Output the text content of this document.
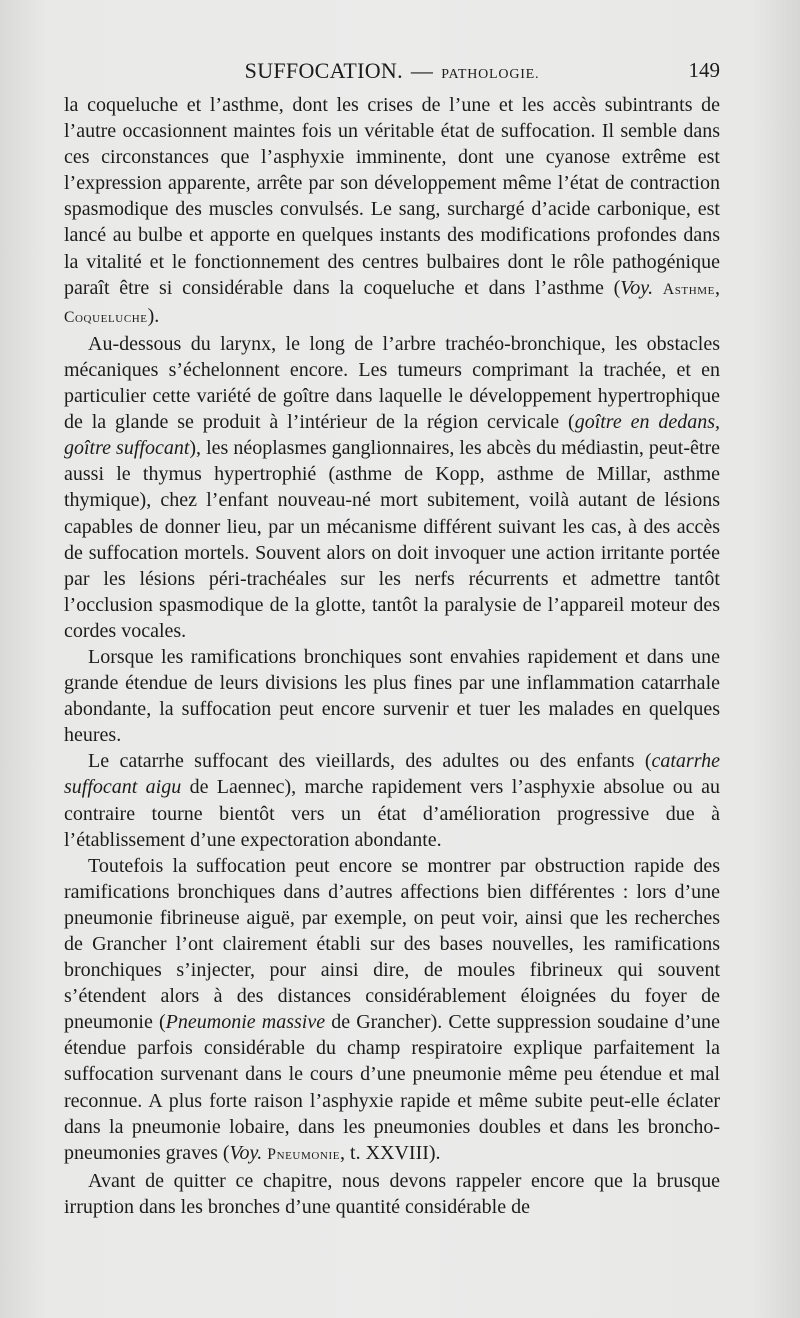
SUFFOCATION. — PATHOLOGIE.	149

la coqueluche et l’asthme, dont les crises de l’une et les accès subintrants de l’autre occasionnent maintes fois un véritable état de suffocation. Il semble dans ces circonstances que l’asphyxie imminente, dont une cyanose extrême est l’expression apparente, arrête par son développement même l’état de contraction spasmodique des muscles convulsés. Le sang, surchargé d’acide carbonique, est lancé au bulbe et apporte en quelques instants des modifications profondes dans la vitalité et le fonctionnement des centres bulbaires dont le rôle pathogénique paraît être si considérable dans la coqueluche et dans l’asthme (Voy. Asthme, Coqueluche).

Au-dessous du larynx, le long de l’arbre trachéo-bronchique, les obstacles mécaniques s’échelonnent encore. Les tumeurs comprimant la trachée, et en particulier cette variété de goître dans laquelle le développement hypertrophique de la glande se produit à l’intérieur de la région cervicale (goître en dedans, goître suffocant), les néoplasmes ganglionnaires, les abcès du médiastin, peut-être aussi le thymus hypertrophié (asthme de Kopp, asthme de Millar, asthme thymique), chez l’enfant nouveau-né mort subitement, voilà autant de lésions capables de donner lieu, par un mécanisme différent suivant les cas, à des accès de suffocation mortels. Souvent alors on doit invoquer une action irritante portée par les lésions péri-trachéales sur les nerfs récurrents et admettre tantôt l’occlusion spasmodique de la glotte, tantôt la paralysie de l’appareil moteur des cordes vocales.

Lorsque les ramifications bronchiques sont envahies rapidement et dans une grande étendue de leurs divisions les plus fines par une inflammation catarrhale abondante, la suffocation peut encore survenir et tuer les malades en quelques heures.

Le catarrhe suffocant des vieillards, des adultes ou des enfants (catarrhe suffocant aigu de Laennec), marche rapidement vers l’asphyxie absolue ou au contraire tourne bientôt vers un état d’amélioration progressive due à l’établissement d’une expectoration abondante.

Toutefois la suffocation peut encore se montrer par obstruction rapide des ramifications bronchiques dans d’autres affections bien différentes : lors d’une pneumonie fibrineuse aiguë, par exemple, on peut voir, ainsi que les recherches de Grancher l’ont clairement établi sur des bases nouvelles, les ramifications bronchiques s’injecter, pour ainsi dire, de moules fibrineux qui souvent s’étendent alors à des distances considérablement éloignées du foyer de pneumonie (Pneumonie massive de Grancher). Cette suppression soudaine d’une étendue parfois considérable du champ respiratoire explique parfaitement la suffocation survenant dans le cours d’une pneumonie même peu étendue et mal reconnue. A plus forte raison l’asphyxie rapide et même subite peut-elle éclater dans la pneumonie lobaire, dans les pneumonies doubles et dans les broncho-pneumonies graves (Voy. Pneumonie, t. XXVIII).

Avant de quitter ce chapitre, nous devons rappeler encore que la brusque irruption dans les bronches d’une quantité considérable de
